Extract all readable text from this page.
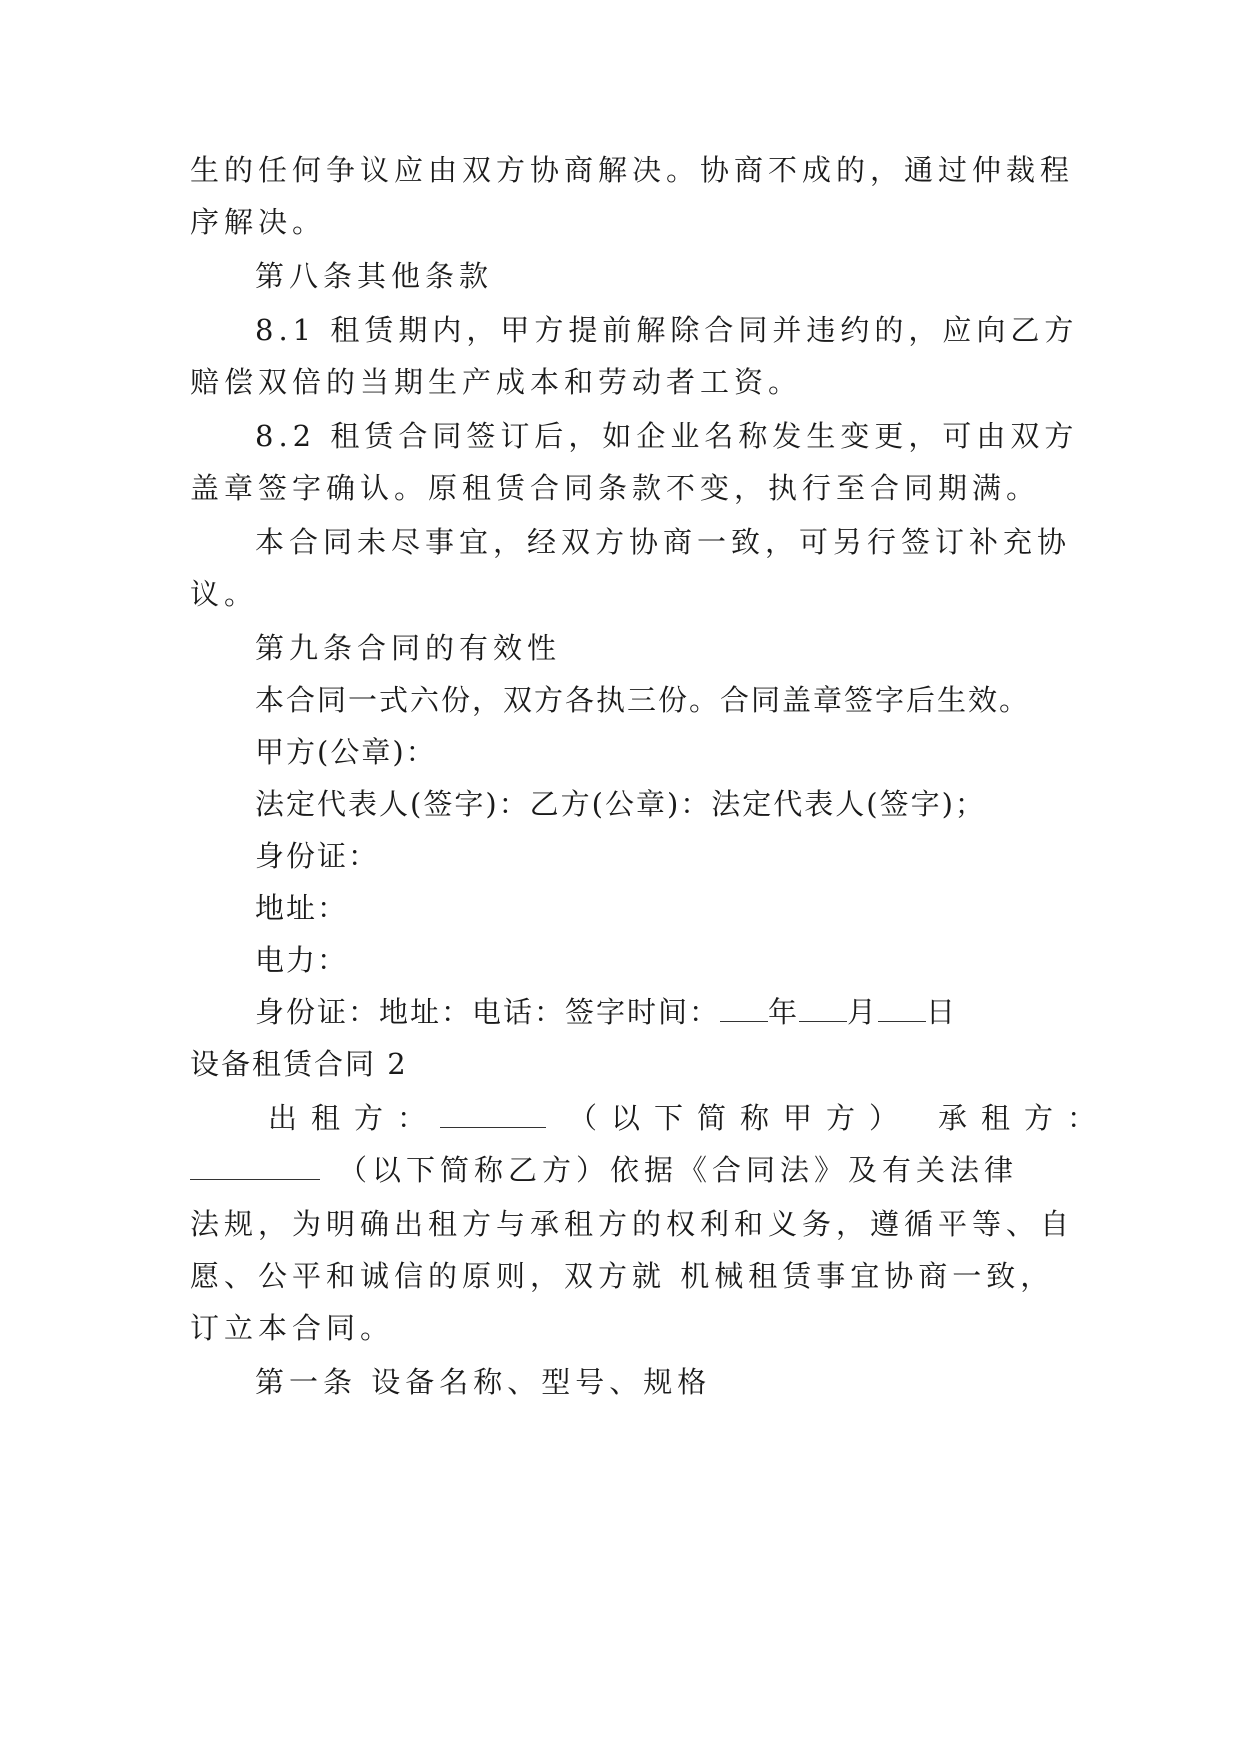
生的任何争议应由双方协商解决。协商不成的，通过仲裁程
序解决。
第八条其他条款
8.1 租赁期内，甲方提前解除合同并违约的，应向乙方
赔偿双倍的当期生产成本和劳动者工资。
8.2 租赁合同签订后，如企业名称发生变更，可由双方
盖章签字确认。原租赁合同条款不变，执行至合同期满。
本合同未尽事宜，经双方协商一致，可另行签订补充协
议。
第九条合同的有效性
本合同一式六份，双方各执三份。合同盖章签字后生效。
甲方(公章)：
法定代表人(签字)：乙方(公章)：法定代表人(签字)；
身份证：
地址：
电力：
身份证：地址：电话：签字时间： 年 月 日
设备租赁合同 2
出租方：	（以下简称甲方） 承租方：
（以下简称乙方）依据《合同法》及有关法律
法规，为明确出租方与承租方的权利和义务，遵循平等、自
愿、公平和诚信的原则，双方就 机械租赁事宜协商一致，
订立本合同。
第一条 设备名称、型号、规格
